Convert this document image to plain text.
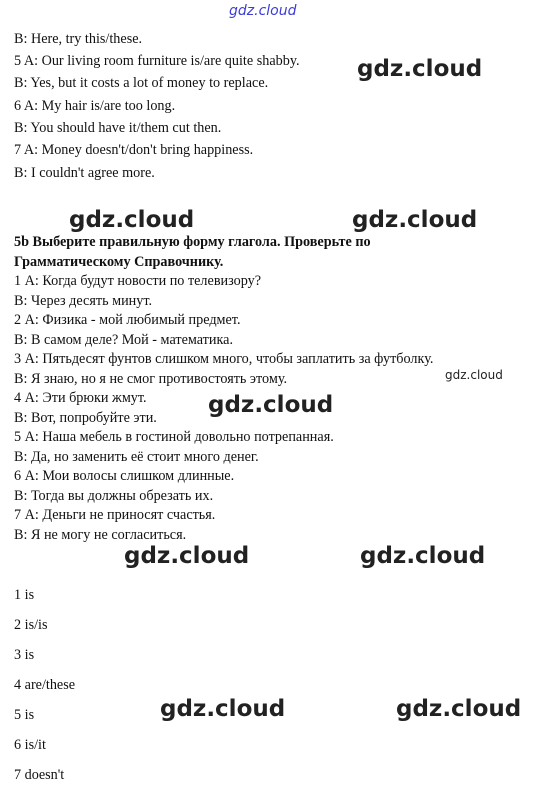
gdz.cloud
gdz.cloud
gdz.cloud	gdz.cloud
gdz.cloud
gdz.cloud
gdz.cloud	gdz.cloud
gdz.cloud	gdz.cloud
B: Here, try this/these.
5 A: Our living room furniture is/are quite shabby.
B: Yes, but it costs a lot of money to replace.
6 A: My hair is/are too long.
B: You should have it/them cut then.
7 A: Money doesn't/don't bring happiness.
B: I couldn't agree more.
5b Выберите правильную форму глагола. Проверьте по
Грамматическому Справочнику.
1 А: Когда будут новости по телевизору?
В: Через десять минут.
2 А: Физика - мой любимый предмет.
В: В самом деле? Мой - математика.
3 А: Пятьдесят фунтов слишком много, чтобы заплатить за футболку.
В: Я знаю, но я не смог противостоять этому.
4 А: Эти брюки жмут.
В: Вот, попробуйте эти.
5 А: Наша мебель в гостиной довольно потрепанная.
В: Да, но заменить её стоит много денег.
6 А: Мои волосы слишком длинные.
В: Тогда вы должны обрезать их.
7 А: Деньги не приносят счастья.
В: Я не могу не согласиться.
1 is
2 is/is
3 is
4 are/these
5 is
6 is/it
7 doesn't
